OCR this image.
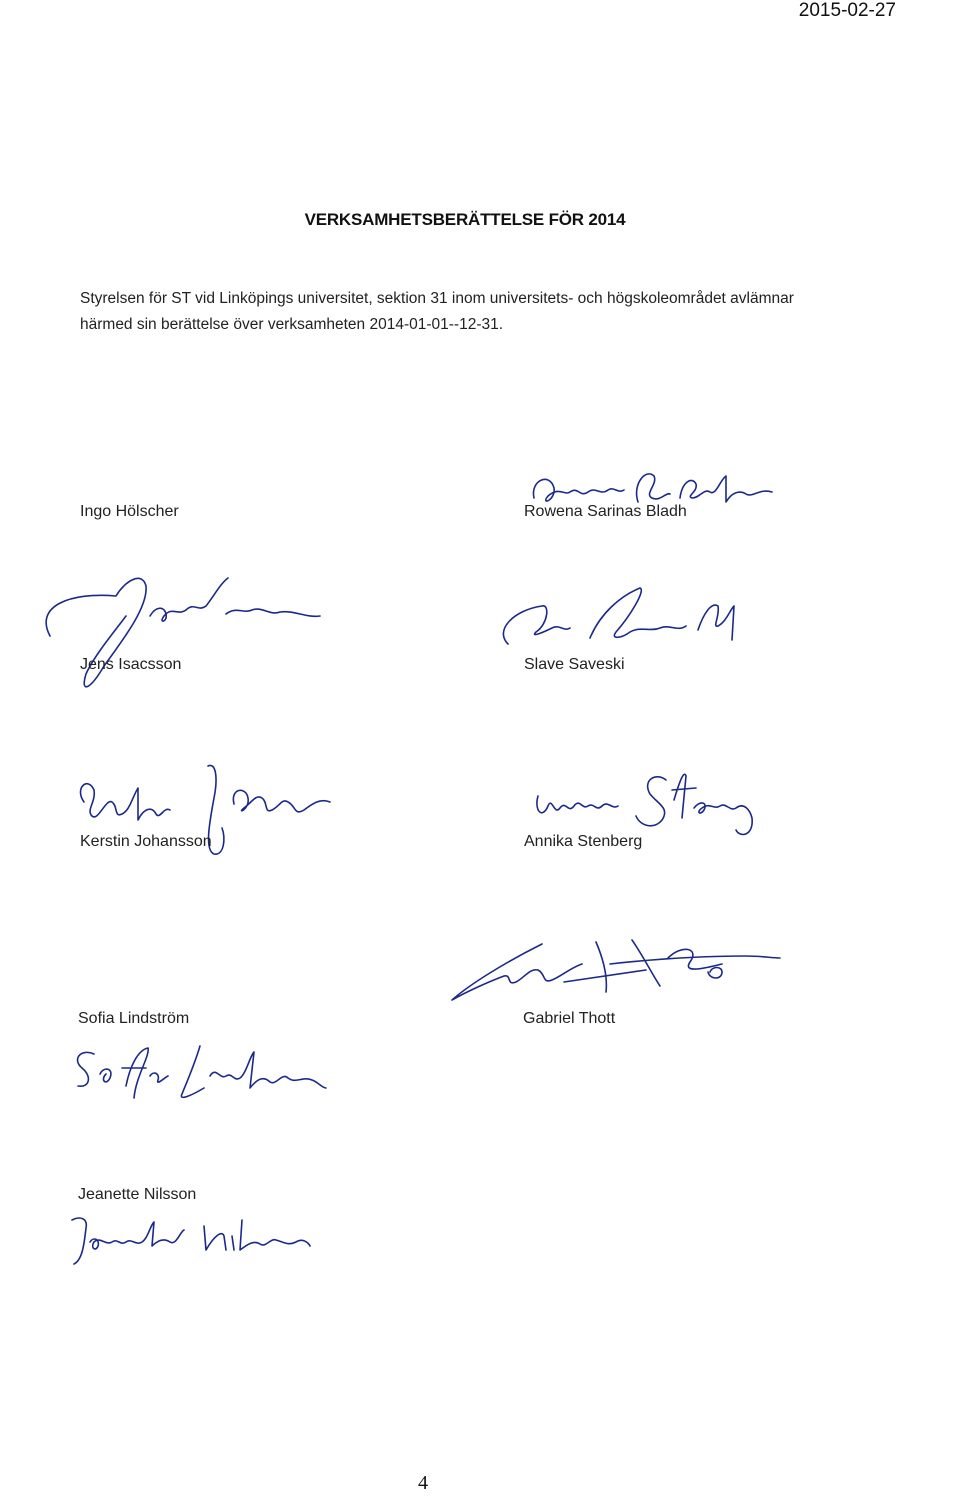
2015-02-27
VERKSAMHETSBERÄTTELSE FÖR 2014
Styrelsen för ST vid Linköpings universitet, sektion 31 inom universitets- och högskoleområdet avlämnar härmed sin berättelse över verksamheten 2014-01-01--12-31.
Ingo Hölscher	Rowena Sarinas Bladh
Jens Isacsson	Slave Saveski
Kerstin Johansson	Annika Stenberg
Sofia Lindström	Gabriel Thott
Jeanette Nilsson
4
